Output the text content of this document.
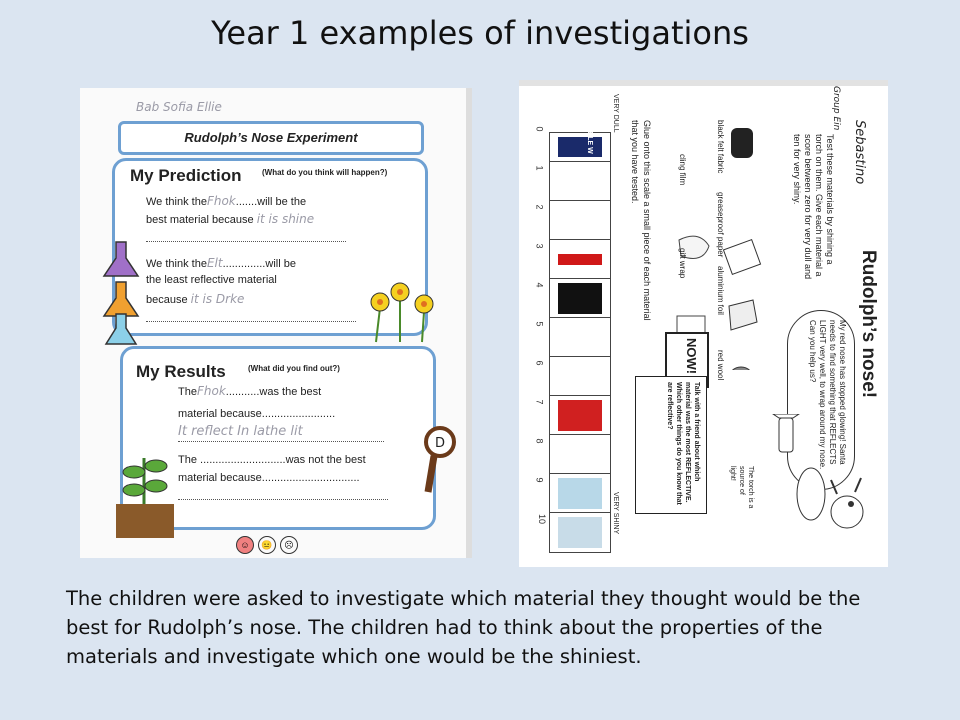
Year 1 examples of investigations
Bab Sofia Ellie
Rudolph’s Nose Experiment
My Prediction	(What do you think will happen?)
We think theFhok.......will be the
best material because it is shine
We think theElt..............will be
the least reflective material
because it is Drke
My Results	(What did you find out?)
TheFhok...........was the best
material because........................
It reflect In lathe lit
The ............................was not the best
material because................................
D
☺	😐	☹
VERY DULL
VERY SHINY
Glue onto this scale a small piece of each material that you have tested.	black felt fabric
greaseproof paper
aluminium foil
red wool
cling film
gift wrap	Test these materials by shining a torch on them. Give each material a score between zero for very dull and ten for very shiny.
Rudolph’s nose!
My red nose has stopped glowing! Santa needs to find something that REFLECTS LIGHT very well, to wrap around my nose. Can you help us?
The torch is a source of light!
NOW!
Talk with a friend about which material was the most REFLECTIVE. Which other things do you know that are reflective?
Group Ein
Sebastino
BLE W
0
1
2
3
4
5
6
7
8
9
10
The children were asked to investigate which material they thought would be the best for Rudolph’s nose. The children had to think about the properties of the materials and investigate which one would be the shiniest.
